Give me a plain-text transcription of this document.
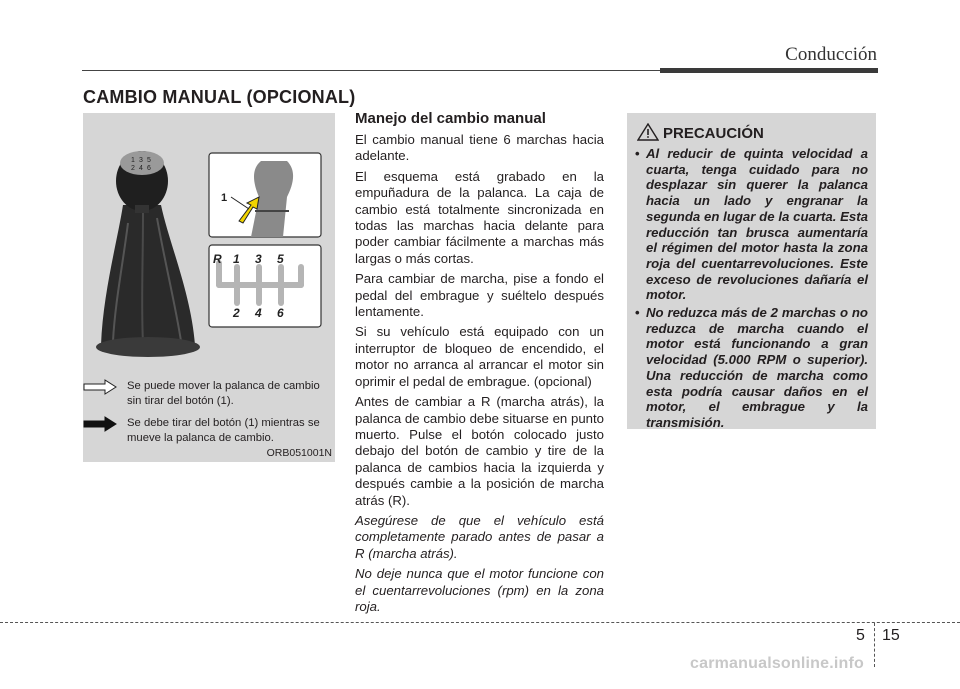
Conducción
CAMBIO MANUAL (OPCIONAL)
1 3 5
2 4 6
1
R 1 3 5
2 4 6
Se puede mover la palanca de cambio sin tirar del botón (1).
Se debe tirar del botón (1) mientras se mueve la palanca de cambio.
ORB051001N
Manejo del cambio manual

El cambio manual tiene 6 marchas hacia adelante.

El esquema está grabado en la empuñadura de la palanca. La caja de cambio está totalmente sincronizada en todas las marchas hacia delante para poder cambiar fácilmente a marchas más largas o más cortas.

Para cambiar de marcha, pise a fondo el pedal del embrague y suéltelo después lentamente.

Si su vehículo está equipado con un interruptor de bloqueo de encendido, el motor no arranca al arrancar el motor sin oprimir el pedal de embrague. (opcional)

Antes de cambiar a R (marcha atrás), la palanca de cambio debe situarse en punto muerto. Pulse el botón colocado justo debajo del botón de cambio y tire de la palanca de cambios hacia la izquierda y después cambie a la posición de marcha atrás (R).

Asegúrese de que el vehículo está completamente parado antes de pasar a R (marcha atrás).

No deje nunca que el motor funcione con el cuentarrevoluciones (rpm) en la zona roja.

PRECAUCIÓN
• Al reducir de quinta velocidad a cuarta, tenga cuidado para no desplazar sin querer la palanca hacia un lado y engranar la segunda en lugar de la cuarta. Esta reducción tan brusca aumentaría el régimen del motor hasta la zona roja del cuentarrevoluciones. Este exceso de revoluciones dañaría el motor.
• No reduzca más de 2 marchas o no reduzca de marcha cuando el motor está funcionando a gran velocidad (5.000 RPM o superior). Una reducción de marcha como esta podría causar daños en el motor, el embrague y la transmisión.
5 15
carmanualsonline.info
